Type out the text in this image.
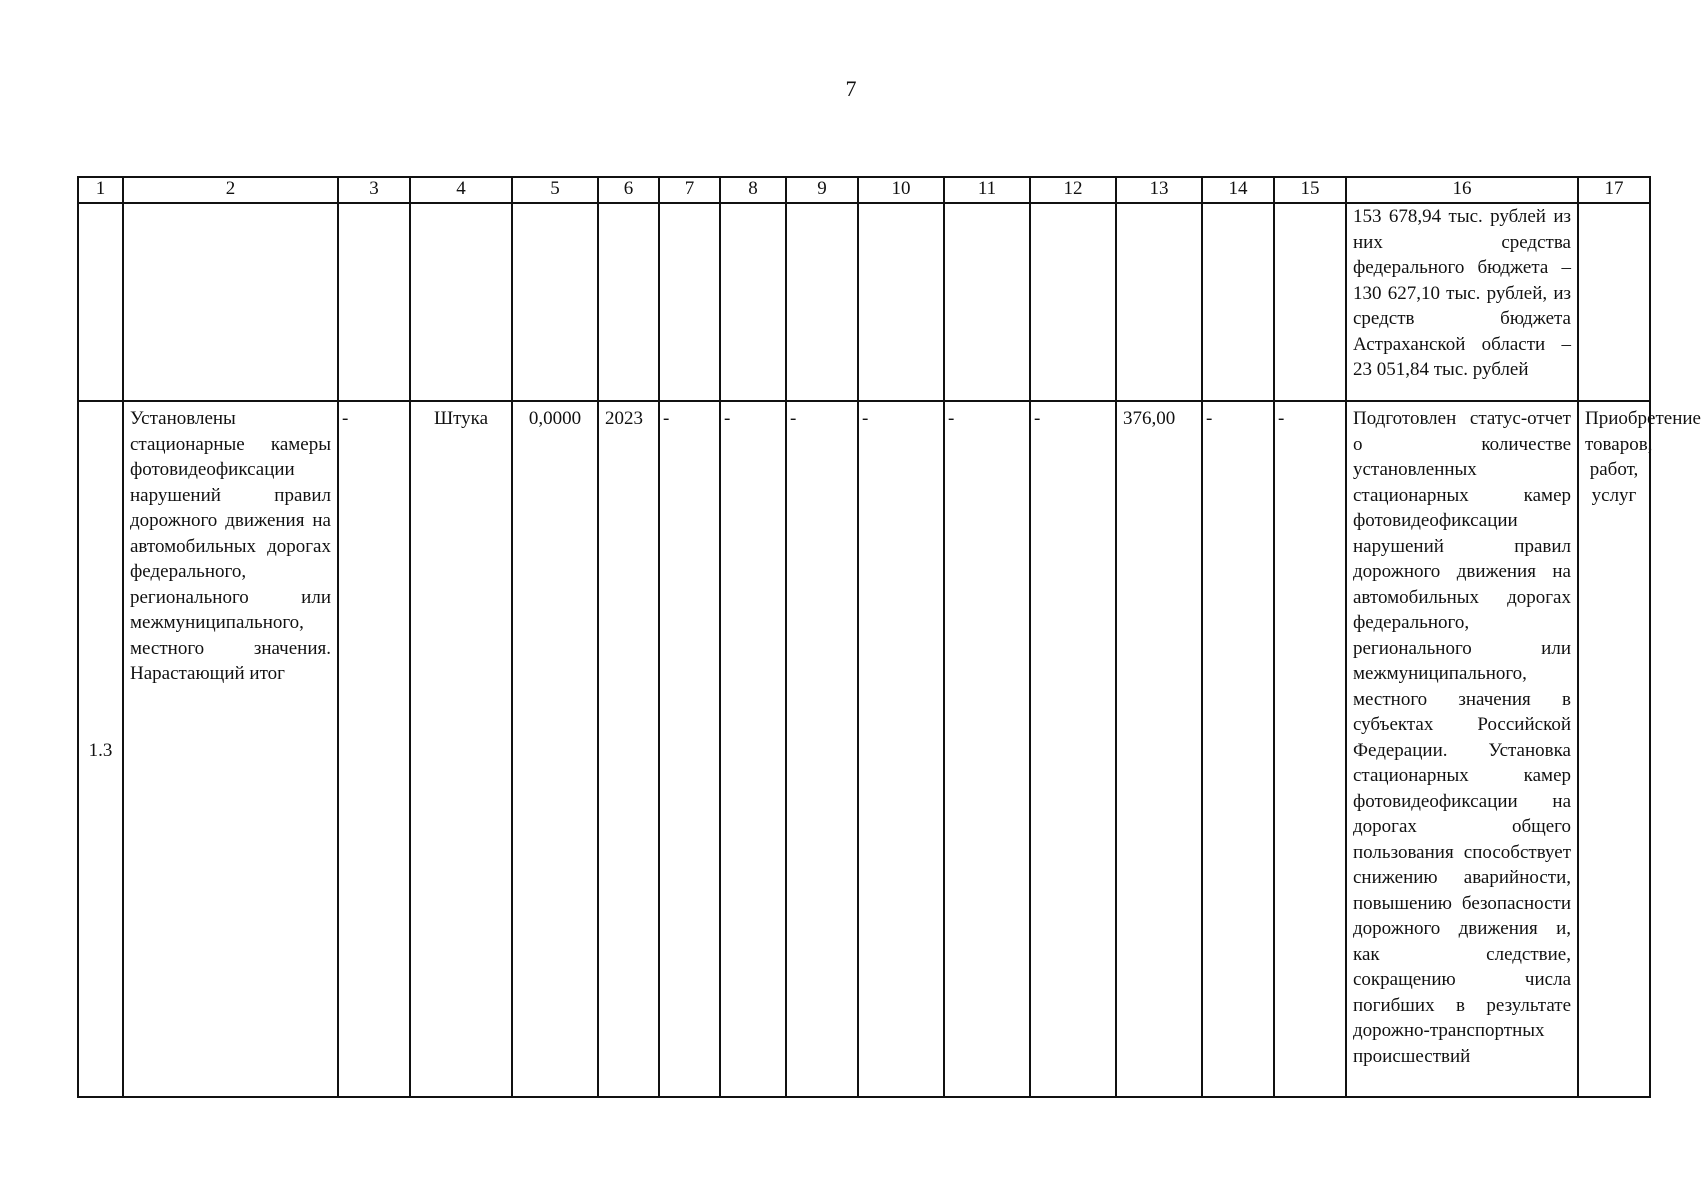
7
1	2	3	4	5	6	7	8	9	10	11	12	13	14	15	16	17
															153 678,94 тыс. рублей из них средства федерального бюджета – 130 627,10 тыс. рублей, из средств бюджета Астраханской области – 23 051,84 тыс. рублей	
1.3	Установлены стационарные камеры фотовидеофиксации нарушений правил дорожного движения на автомобильных дорогах федерального, регионального или межмуниципального, местного значения. Нарастающий итог	-	Штука	0,0000	2023	-	-	-	-	-	-	376,00	-	-	Подготовлен статус-отчет о количестве установленных стационарных камер фотовидеофиксации нарушений правил дорожного движения на автомобильных дорогах федерального, регионального или межмуниципального, местного значения в субъектах Российской Федерации. Установка стационарных камер фотовидеофиксации на дорогах общего пользования способствует снижению аварийности, повышению безопасности дорожного движения и, как следствие, сокращению числа погибших в результате дорожно-транспортных происшествий	Приобретение товаров, работ, услуг
